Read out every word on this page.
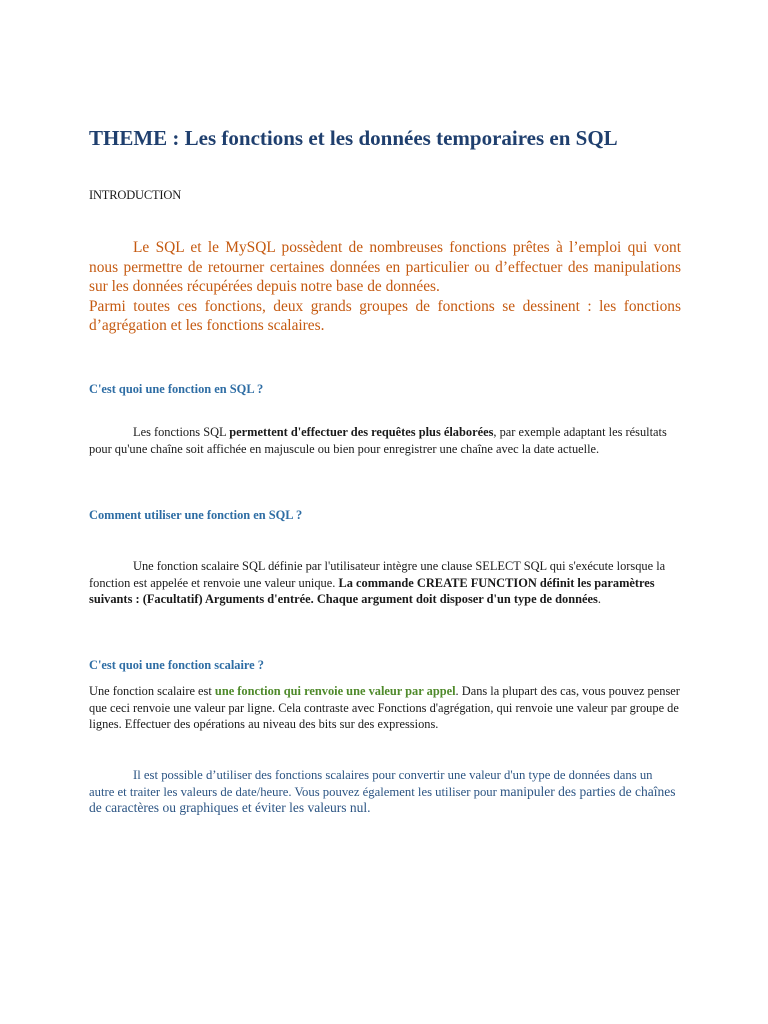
THEME : Les fonctions et les données temporaires en SQL
INTRODUCTION
Le SQL et le MySQL possèdent de nombreuses fonctions prêtes à l’emploi qui vont nous permettre de retourner certaines données en particulier ou d’effectuer des manipulations sur les données récupérées depuis notre base de données.
Parmi toutes ces fonctions, deux grands groupes de fonctions se dessinent : les fonctions d’agrégation et les fonctions scalaires.
C'est quoi une fonction en SQL ?
Les fonctions SQL permettent d'effectuer des requêtes plus élaborées, par exemple adaptant les résultats pour qu'une chaîne soit affichée en majuscule ou bien pour enregistrer une chaîne avec la date actuelle.
Comment utiliser une fonction en SQL ?
Une fonction scalaire SQL définie par l'utilisateur intègre une clause SELECT SQL qui s'exécute lorsque la fonction est appelée et renvoie une valeur unique. La commande CREATE FUNCTION définit les paramètres suivants : (Facultatif) Arguments d'entrée. Chaque argument doit disposer d'un type de données.
C'est quoi une fonction scalaire ?
Une fonction scalaire est une fonction qui renvoie une valeur par appel. Dans la plupart des cas, vous pouvez penser que ceci renvoie une valeur par ligne. Cela contraste avec Fonctions d'agrégation, qui renvoie une valeur par groupe de lignes. Effectuer des opérations au niveau des bits sur des expressions.
Il est possible d’utiliser des fonctions scalaires pour convertir une valeur d'un type de données dans un autre et traiter les valeurs de date/heure. Vous pouvez également les utiliser pour manipuler des parties de chaînes de caractères ou graphiques et éviter les valeurs nul.
